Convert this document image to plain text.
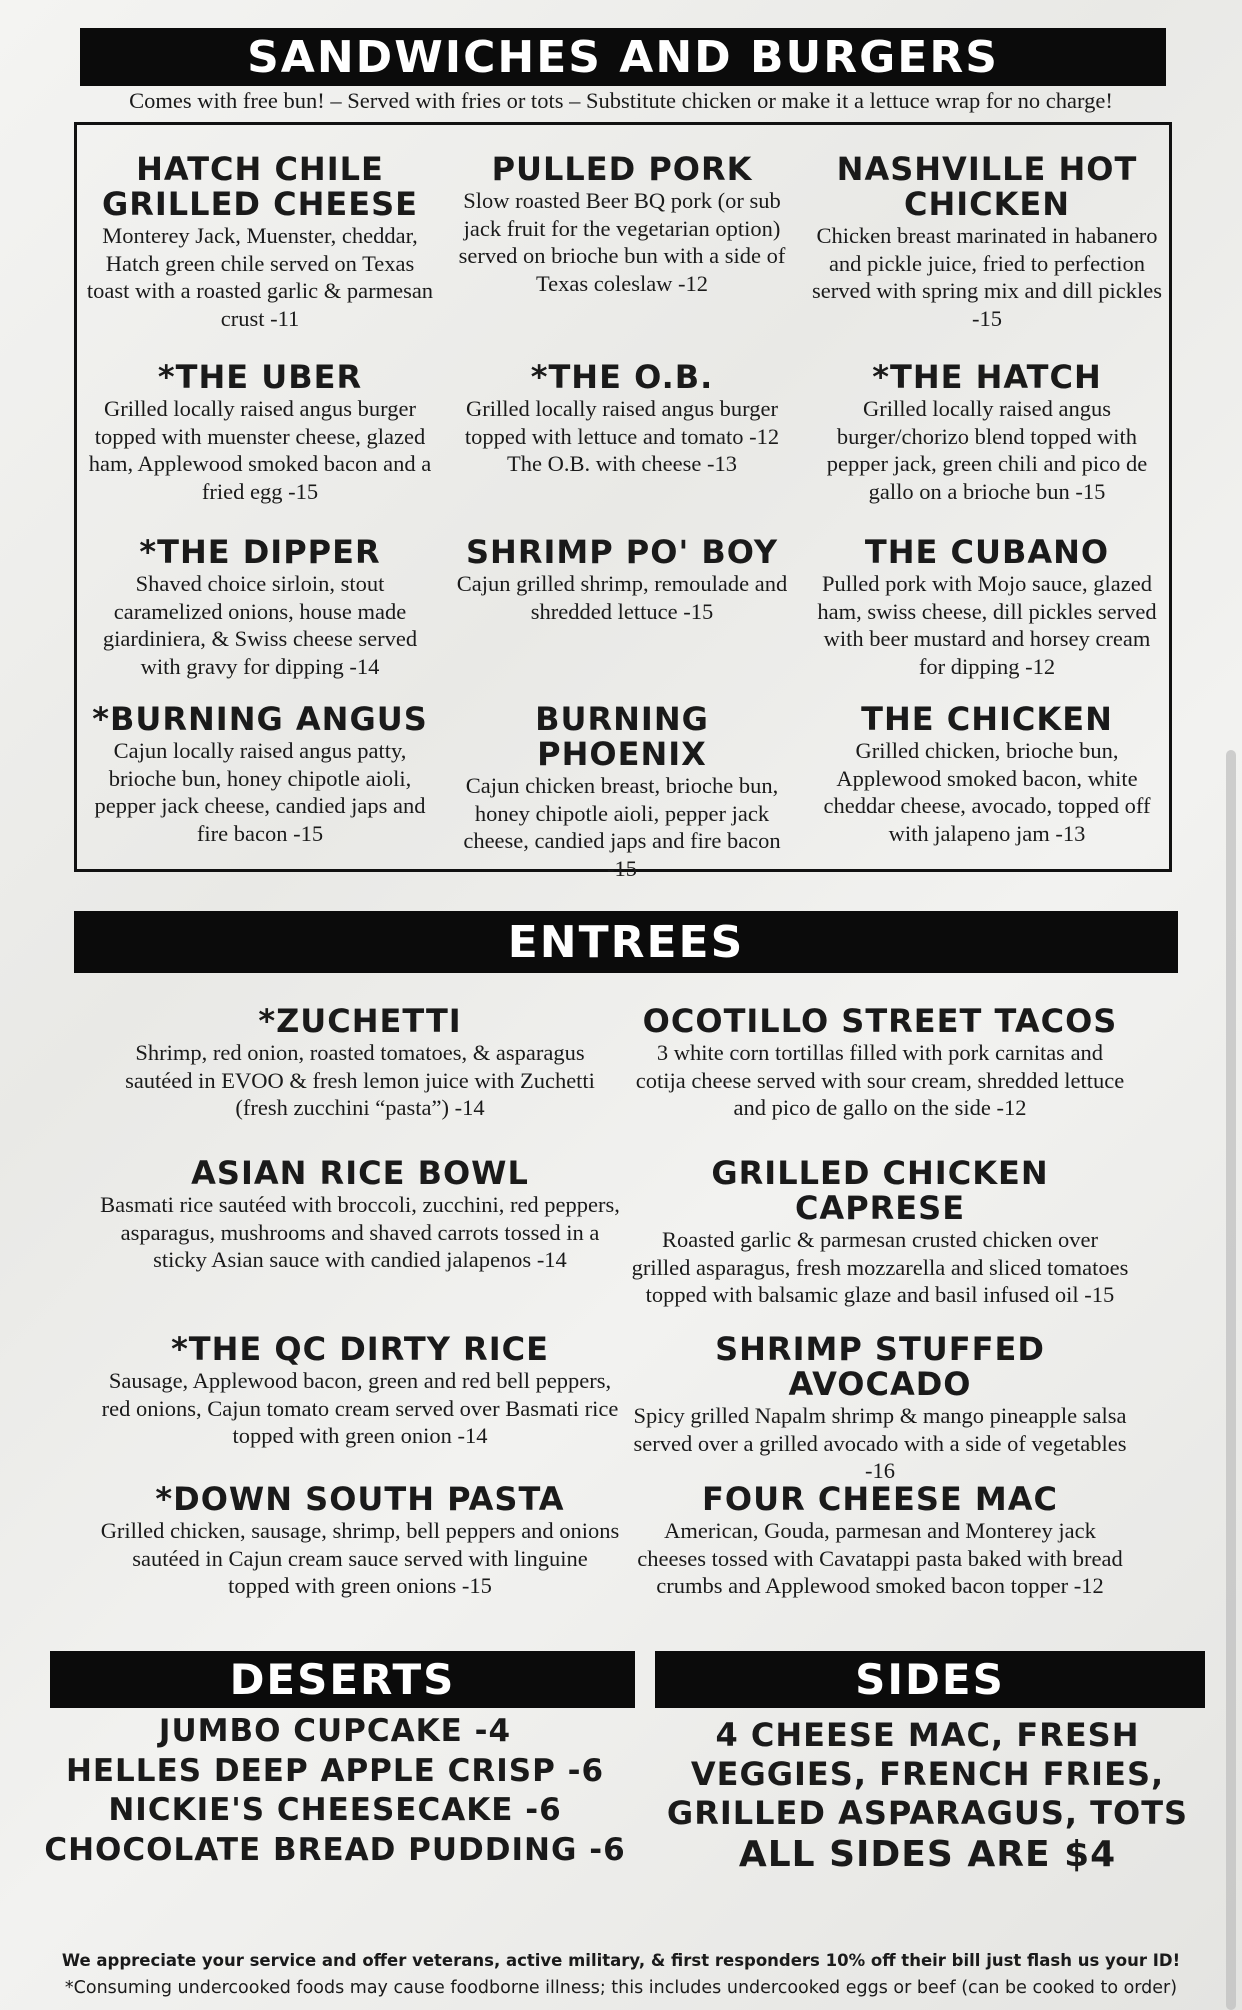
SANDWICHES AND BURGERS
Comes with free bun! – Served with fries or tots – Substitute chicken or make it a lettuce wrap for no charge!
HATCH CHILE GRILLED CHEESE
Monterey Jack, Muenster, cheddar, Hatch green chile served on Texas toast with a roasted garlic & parmesan crust -11
PULLED PORK
Slow roasted Beer BQ pork (or sub jack fruit for the vegetarian option) served on brioche bun with a side of Texas coleslaw -12
NASHVILLE HOT CHICKEN
Chicken breast marinated in habanero and pickle juice, fried to perfection served with spring mix and dill pickles -15
*THE UBER
Grilled locally raised angus burger topped with muenster cheese, glazed ham, Applewood smoked bacon and a fried egg -15
*THE O.B.
Grilled locally raised angus burger topped with lettuce and tomato -12 The O.B. with cheese -13
*THE HATCH
Grilled locally raised angus burger/chorizo blend topped with pepper jack, green chili and pico de gallo on a brioche bun -15
*THE DIPPER
Shaved choice sirloin, stout caramelized onions, house made giardiniera, & Swiss cheese served with gravy for dipping -14
SHRIMP PO' BOY
Cajun grilled shrimp, remoulade and shredded lettuce -15
THE CUBANO
Pulled pork with Mojo sauce, glazed ham, swiss cheese, dill pickles served with beer mustard and horsey cream for dipping -12
*BURNING ANGUS
Cajun locally raised angus patty, brioche bun, honey chipotle aioli, pepper jack cheese, candied japs and fire bacon -15
BURNING PHOENIX
Cajun chicken breast, brioche bun, honey chipotle aioli, pepper jack cheese, candied japs and fire bacon -15
THE CHICKEN
Grilled chicken, brioche bun, Applewood smoked bacon, white cheddar cheese, avocado, topped off with jalapeno jam -13
ENTREES
*ZUCHETTI
Shrimp, red onion, roasted tomatoes, & asparagus sautéed in EVOO & fresh lemon juice with Zuchetti (fresh zucchini “pasta”) -14
OCOTILLO STREET TACOS
3 white corn tortillas filled with pork carnitas and cotija cheese served with sour cream, shredded lettuce and pico de gallo on the side -12
ASIAN RICE BOWL
Basmati rice sautéed with broccoli, zucchini, red peppers, asparagus, mushrooms and shaved carrots tossed in a sticky Asian sauce with candied jalapenos -14
GRILLED CHICKEN CAPRESE
Roasted garlic & parmesan crusted chicken over grilled asparagus, fresh mozzarella and sliced tomatoes topped with balsamic glaze and basil infused oil -15
*THE QC DIRTY RICE
Sausage, Applewood bacon, green and red bell peppers, red onions, Cajun tomato cream served over Basmati rice topped with green onion -14
SHRIMP STUFFED AVOCADO
Spicy grilled Napalm shrimp & mango pineapple salsa served over a grilled avocado with a side of vegetables -16
*DOWN SOUTH PASTA
Grilled chicken, sausage, shrimp, bell peppers and onions sautéed in Cajun cream sauce served with linguine topped with green onions -15
FOUR CHEESE MAC
American, Gouda, parmesan and Monterey jack cheeses tossed with Cavatappi pasta baked with bread crumbs and Applewood smoked bacon topper -12
DESERTS	SIDES
JUMBO CUPCAKE -4
HELLES DEEP APPLE CRISP -6
NICKIE'S CHEESECAKE -6
CHOCOLATE BREAD PUDDING -6
4 CHEESE MAC, FRESH
VEGGIES, FRENCH FRIES,
GRILLED ASPARAGUS, TOTS
ALL SIDES ARE $4
We appreciate your service and offer veterans, active military, & first responders 10% off their bill just flash us your ID!
*Consuming undercooked foods may cause foodborne illness; this includes undercooked eggs or beef (can be cooked to order)
